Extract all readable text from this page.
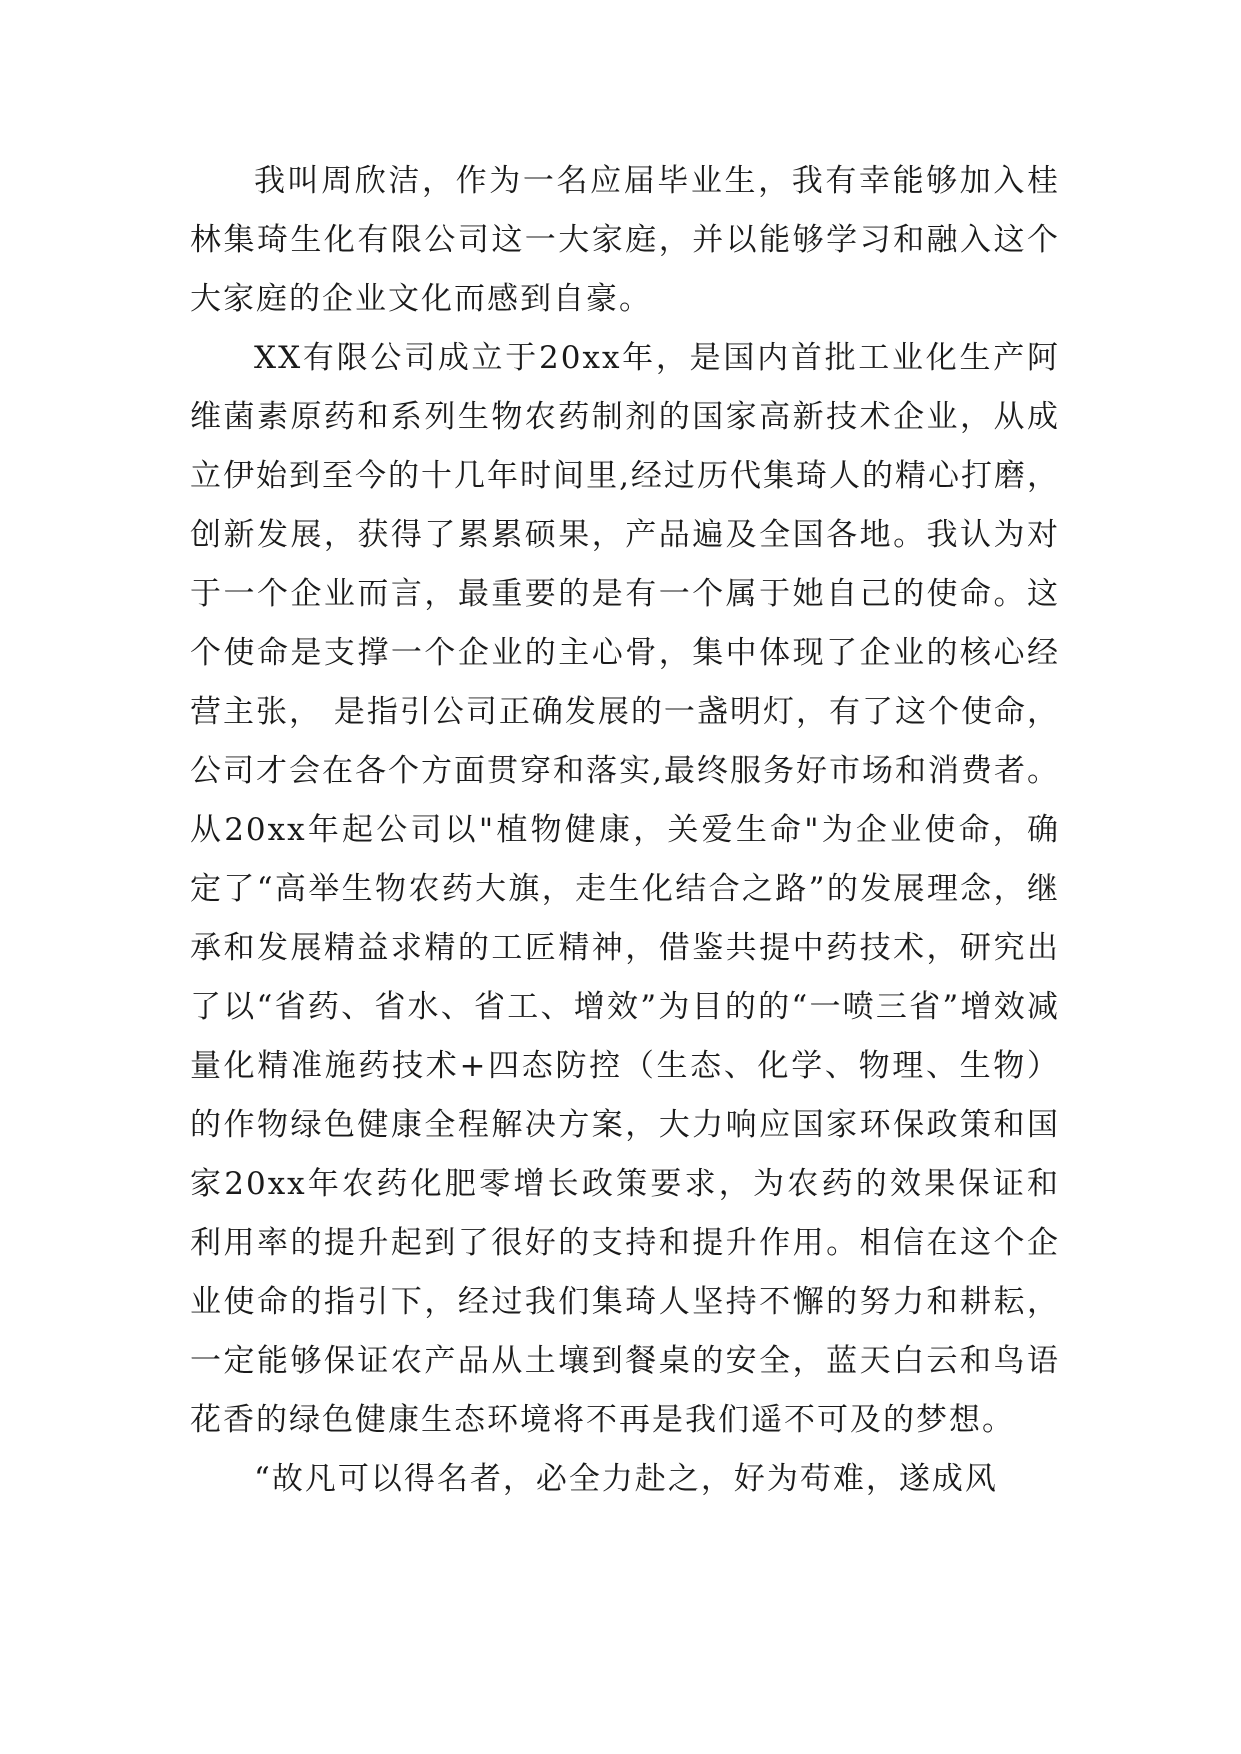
我叫周欣洁，作为一名应届毕业生，我有幸能够加入桂林集琦生化有限公司这一大家庭，并以能够学习和融入这个大家庭的企业文化而感到自豪。

XX有限公司成立于20xx年，是国内首批工业化生产阿维菌素原药和系列生物农药制剂的国家高新技术企业，从成立伊始到至今的十几年时间里,经过历代集琦人的精心打磨，创新发展，获得了累累硕果，产品遍及全国各地。我认为对于一个企业而言，最重要的是有一个属于她自己的使命。这个使命是支撑一个企业的主心骨，集中体现了企业的核心经营主张， 是指引公司正确发展的一盏明灯，有了这个使命，公司才会在各个方面贯穿和落实,最终服务好市场和消费者。从20xx年起公司以"植物健康，关爱生命"为企业使命，确定了“高举生物农药大旗，走生化结合之路”的发展理念，继承和发展精益求精的工匠精神，借鉴共提中药技术，研究出了以“省药、省水、省工、增效”为目的的“一喷三省”增效减量化精准施药技术+四态防控（生态、化学、物理、生物）的作物绿色健康全程解决方案，大力响应国家环保政策和国家20xx年农药化肥零增长政策要求，为农药的效果保证和利用率的提升起到了很好的支持和提升作用。相信在这个企业使命的指引下，经过我们集琦人坚持不懈的努力和耕耘，一定能够保证农产品从土壤到餐桌的安全，蓝天白云和鸟语花香的绿色健康生态环境将不再是我们遥不可及的梦想。

“故凡可以得名者，必全力赴之，好为苟难，遂成风
